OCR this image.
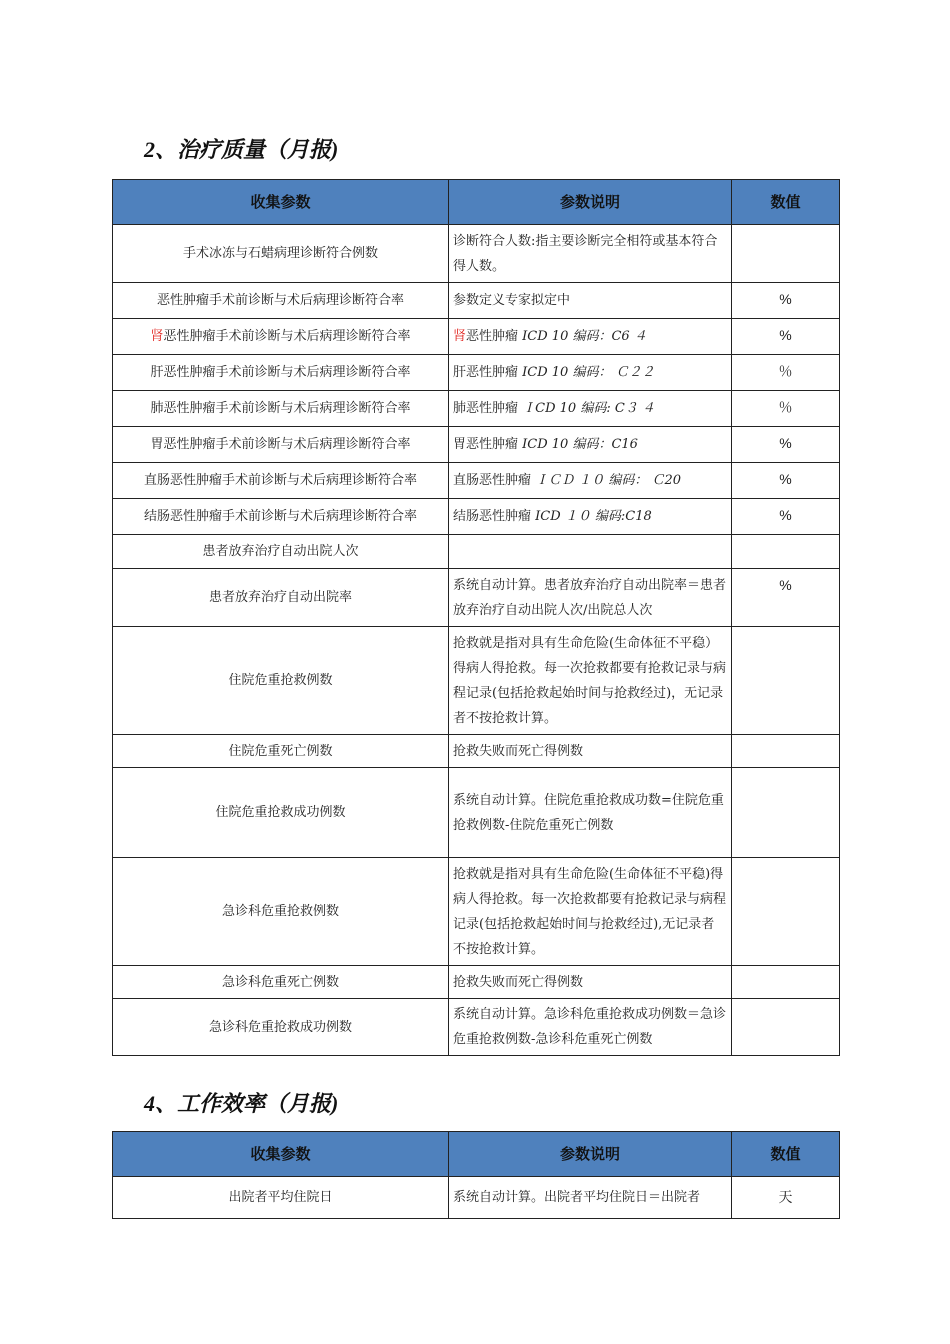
2、治疗质量（月报)
收集参数	参数说明	数值
手术冰冻与石蜡病理诊断符合例数	诊断符合人数:指主要诊断完全相符或基本符合得人数。	
恶性肿瘤手术前诊断与术后病理诊断符合率	参数定义专家拟定中	%
肾恶性肿瘤手术前诊断与术后病理诊断符合率	肾恶性肿瘤 ICD 10 编码：C6 ４	%
肝恶性肿瘤手术前诊断与术后病理诊断符合率	肝恶性肿瘤 ICD 10 编码： Ｃ２２	％
肺恶性肿瘤手术前诊断与术后病理诊断符合率	肺恶性肿瘤 ＩCD 10 编码: C３ ４	％
胃恶性肿瘤手术前诊断与术后病理诊断符合率	胃恶性肿瘤 ICD 10 编码：C16	%
直肠恶性肿瘤手术前诊断与术后病理诊断符合率	直肠恶性肿瘤 ＩＣＤ １０ 编码： Ｃ20	%
结肠恶性肿瘤手术前诊断与术后病理诊断符合率	结肠恶性肿瘤 ICD １０ 编码:C18	%
患者放弃治疗自动出院人次		
患者放弃治疗自动出院率	系统自动计算。患者放弃治疗自动出院率＝患者放弃治疗自动出院人次/出院总人次	%
住院危重抢救例数	抢救就是指对具有生命危险(生命体征不平稳）得病人得抢救。每一次抢救都要有抢救记录与病程记录(包括抢救起始时间与抢救经过)，无记录者不按抢救计算。	
住院危重死亡例数	抢救失败而死亡得例数	
住院危重抢救成功例数	系统自动计算。住院危重抢救成功数=住院危重抢救例数-住院危重死亡例数	
急诊科危重抢救例数	抢救就是指对具有生命危险(生命体征不平稳)得病人得抢救。每一次抢救都要有抢救记录与病程记录(包括抢救起始时间与抢救经过),无记录者不按抢救计算。	
急诊科危重死亡例数	抢救失败而死亡得例数	
急诊科危重抢救成功例数	系统自动计算。急诊科危重抢救成功例数＝急诊危重抢救例数-急诊科危重死亡例数	
4、工作效率（月报)
收集参数	参数说明	数值
出院者平均住院日	系统自动计算。出院者平均住院日＝出院者	天
